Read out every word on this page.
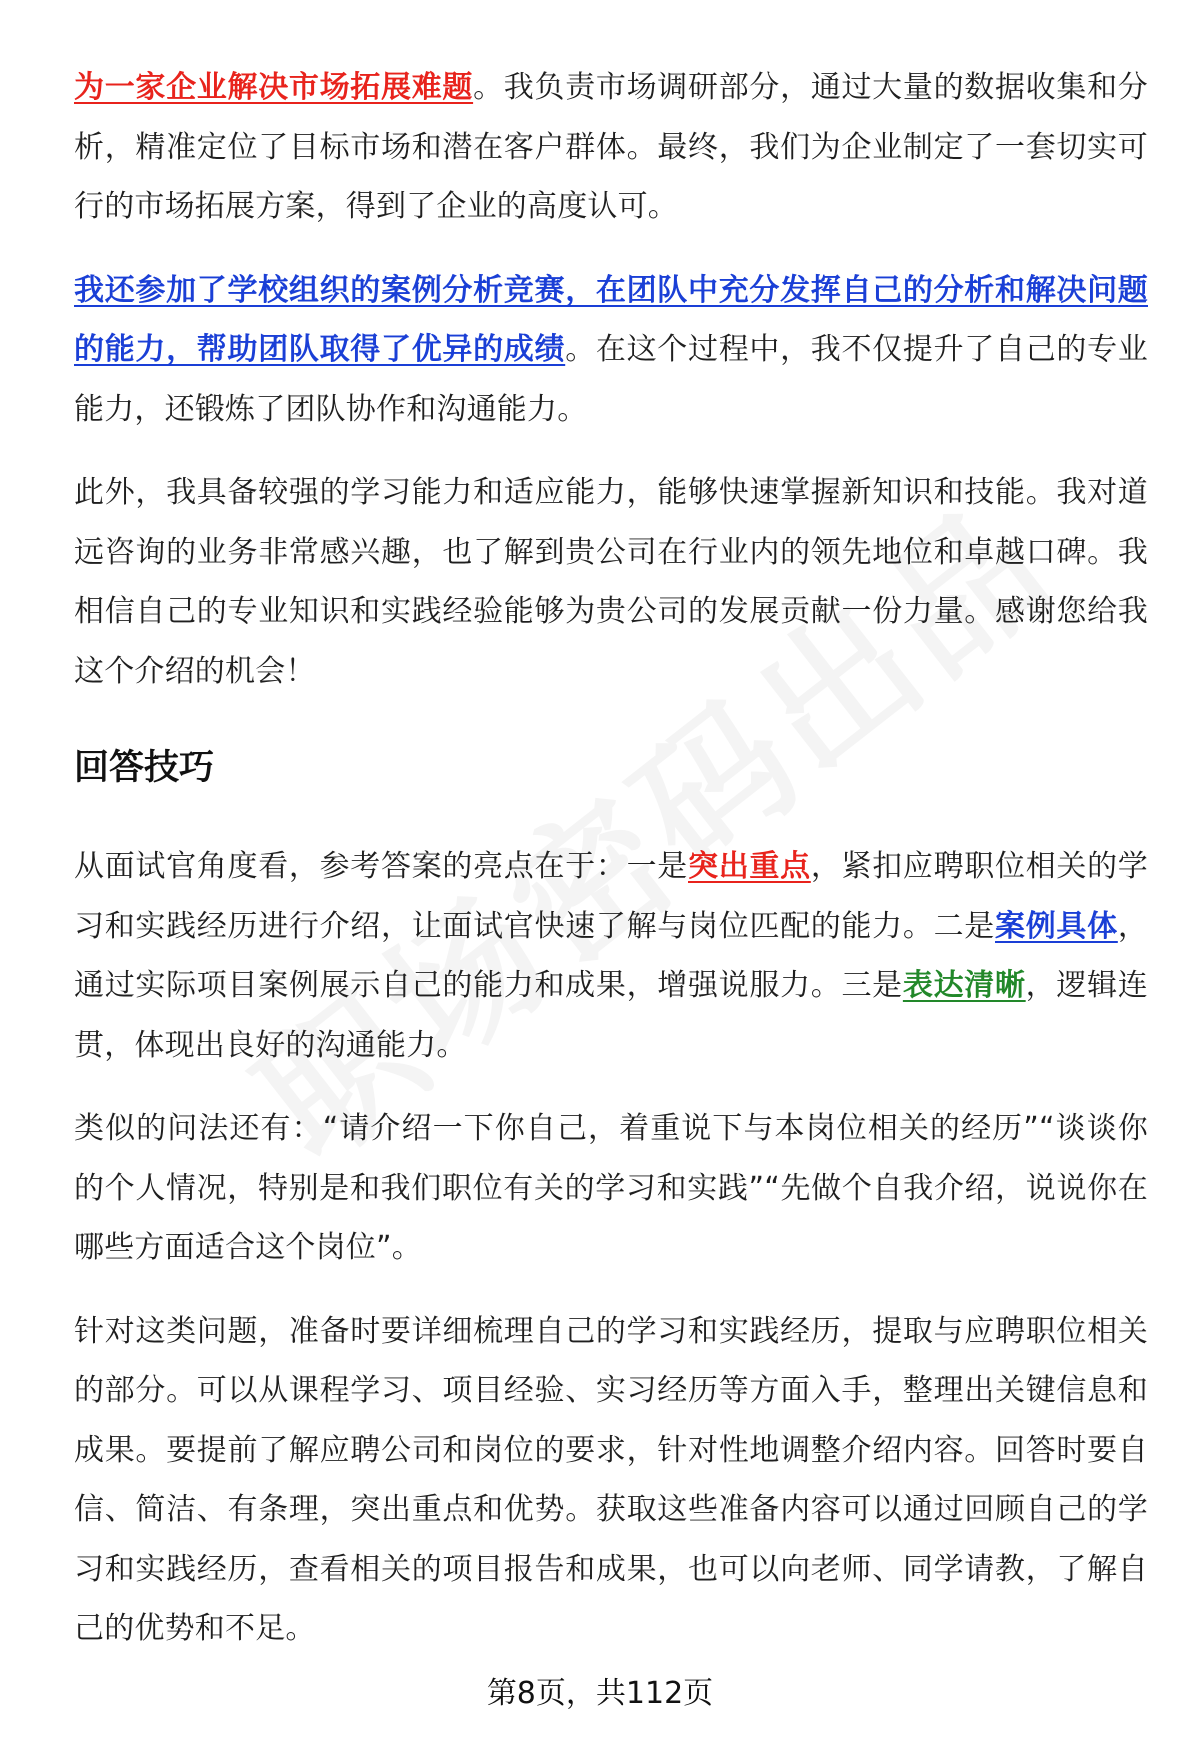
为一家企业解决市场拓展难题。我负责市场调研部分，通过大量的数据收集和分析，精准定位了目标市场和潜在客户群体。最终，我们为企业制定了一套切实可行的市场拓展方案，得到了企业的高度认可。

我还参加了学校组织的案例分析竞赛，在团队中充分发挥自己的分析和解决问题的能力，帮助团队取得了优异的成绩。在这个过程中，我不仅提升了自己的专业能力，还锻炼了团队协作和沟通能力。

此外，我具备较强的学习能力和适应能力，能够快速掌握新知识和技能。我对道远咨询的业务非常感兴趣，也了解到贵公司在行业内的领先地位和卓越口碑。我相信自己的专业知识和实践经验能够为贵公司的发展贡献一份力量。感谢您给我这个介绍的机会！

回答技巧

从面试官角度看，参考答案的亮点在于：一是突出重点，紧扣应聘职位相关的学习和实践经历进行介绍，让面试官快速了解与岗位匹配的能力。二是案例具体，通过实际项目案例展示自己的能力和成果，增强说服力。三是表达清晰，逻辑连贯，体现出良好的沟通能力。

类似的问法还有：“请介绍一下你自己，着重说下与本岗位相关的经历”“谈谈你的个人情况，特别是和我们职位有关的学习和实践”“先做个自我介绍，说说你在哪些方面适合这个岗位”。

针对这类问题，准备时要详细梳理自己的学习和实践经历，提取与应聘职位相关的部分。可以从课程学习、项目经验、实习经历等方面入手，整理出关键信息和成果。要提前了解应聘公司和岗位的要求，针对性地调整介绍内容。回答时要自信、简洁、有条理，突出重点和优势。获取这些准备内容可以通过回顾自己的学习和实践经历，查看相关的项目报告和成果，也可以向老师、同学请教，了解自己的优势和不足。

第8页，共112页
